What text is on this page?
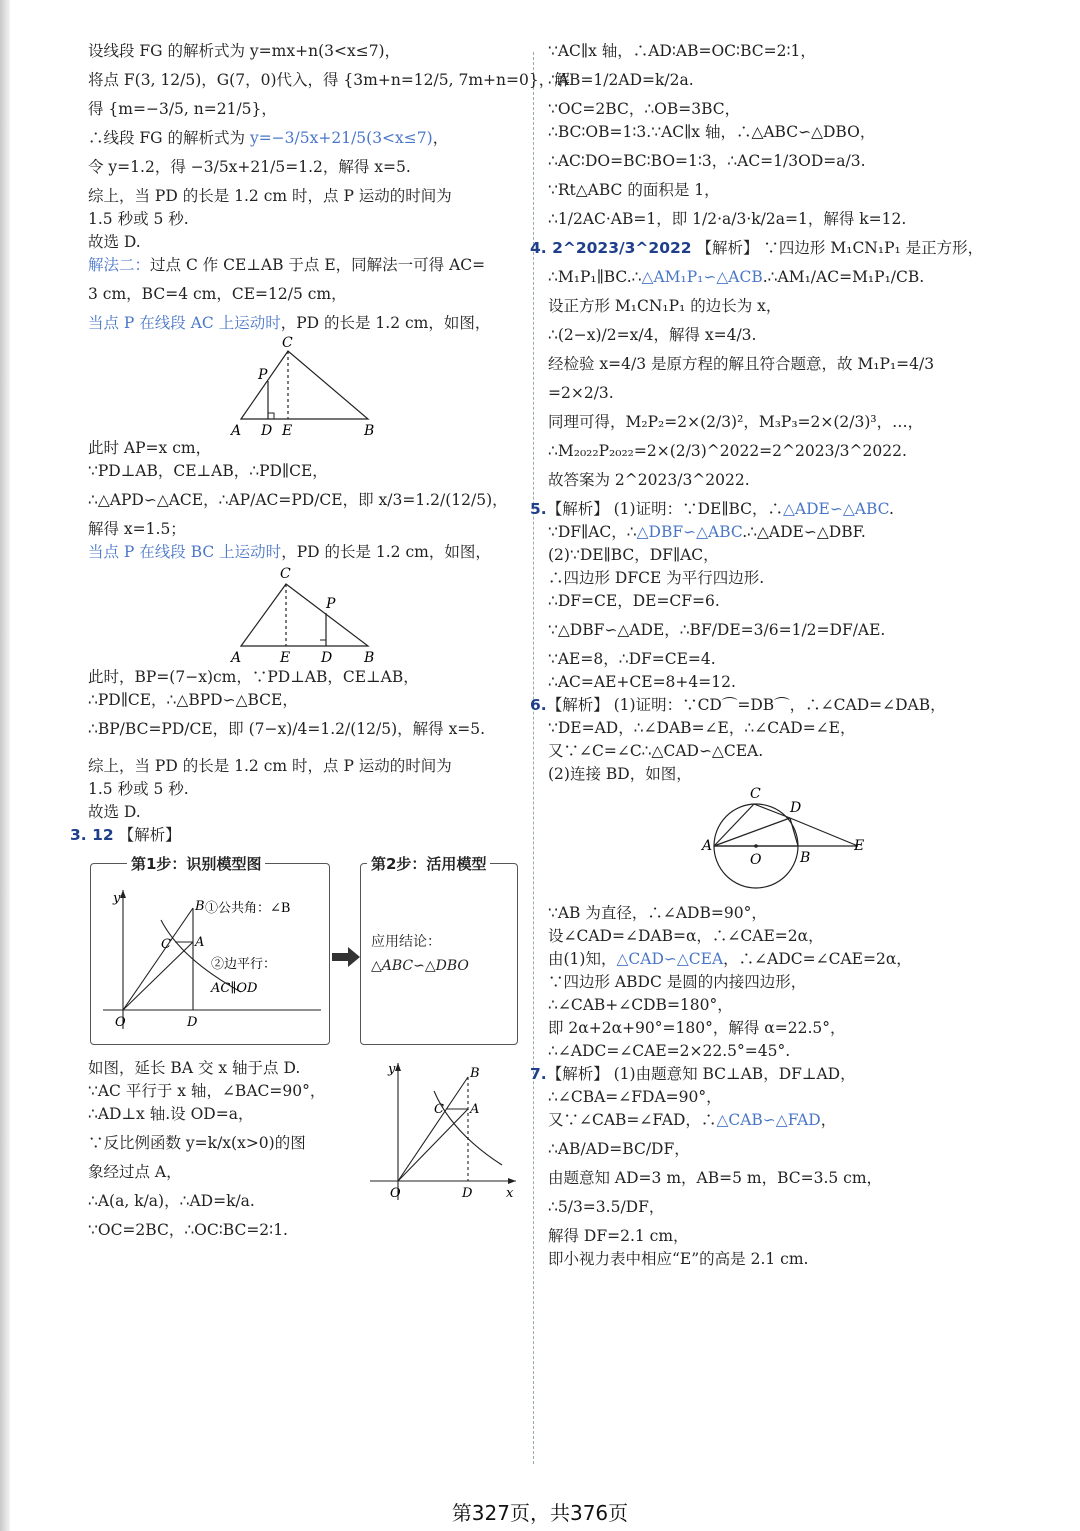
设线段 FG 的解析式为 y=mx+n(3<x≤7)，
将点 F(3, 12/5)，G(7，0)代入，得 {3m+n=12/5, 7m+n=0}，解
得 {m=−3/5, n=21/5}，
∴线段 FG 的解析式为 y=−3/5x+21/5(3<x≤7)，
令 y=1.2，得 −3/5x+21/5=1.2，解得 x=5.
综上，当 PD 的长是 1.2 cm 时，点 P 运动的时间为
1.5 秒或 5 秒.
故选 D.
解法二：过点 C 作 CE⊥AB 于点 E，同解法一可得 AC=
3 cm，BC=4 cm，CE=12/5 cm，
当点 P 在线段 AC 上运动时，PD 的长是 1.2 cm，如图，
C
P
A D E	B
此时 AP=x cm，
∵PD⊥AB，CE⊥AB，∴PD∥CE，
∴△APD∽△ACE，∴AP/AC=PD/CE，即 x/3=1.2/(12/5)，
解得 x=1.5；
当点 P 在线段 BC 上运动时，PD 的长是 1.2 cm，如图，
C
P
A	E D B
此时，BP=(7−x)cm，∵PD⊥AB，CE⊥AB，
∴PD∥CE，∴△BPD∽△BCE，
∴BP/BC=PD/CE，即 (7−x)/4=1.2/(12/5)，解得 x=5.
综上，当 PD 的长是 1.2 cm 时，点 P 运动的时间为
1.5 秒或 5 秒.
故选 D.
3. 12 【解析】
第1步：识别模型图
y
B
C A
O	D
①公共角：∠B
②边平行：
AC∥OD
第2步：活用模型
应用结论：
△ABC∽△DBO
y	B
C A
O	D	x
如图，延长 BA 交 x 轴于点 D.
∵AC 平行于 x 轴，∠BAC=90°，
∴AD⊥x 轴.设 OD=a，
∵反比例函数 y=k/x(x>0)的图
象经过点 A，
∴A(a, k/a)，∴AD=k/a.
∵OC=2BC，∴OC∶BC=2∶1.
∵AC∥x 轴，∴AD∶AB=OC∶BC=2∶1，
∴AB=1/2AD=k/2a.
∵OC=2BC，∴OB=3BC，
∴BC∶OB=1∶3.∵AC∥x 轴，∴△ABC∽△DBO，
∴AC∶DO=BC∶BO=1∶3，∴AC=1/3OD=a/3.
∵Rt△ABC 的面积是 1，
∴1/2AC·AB=1，即 1/2·a/3·k/2a=1，解得 k=12.
4. 2^2023/3^2022 【解析】 ∵四边形 M₁CN₁P₁ 是正方形，
∴M₁P₁∥BC.∴△AM₁P₁∽△ACB.∴AM₁/AC=M₁P₁/CB.
设正方形 M₁CN₁P₁ 的边长为 x，
∴(2−x)/2=x/4，解得 x=4/3.
经检验 x=4/3 是原方程的解且符合题意，故 M₁P₁=4/3
=2×2/3.
同理可得，M₂P₂=2×(2/3)²，M₃P₃=2×(2/3)³，…，
∴M₂₀₂₂P₂₀₂₂=2×(2/3)^2022=2^2023/3^2022.
故答案为 2^2023/3^2022.
5.【解析】 (1)证明：∵DE∥BC，∴△ADE∽△ABC.
∵DF∥AC，∴△DBF∽△ABC.∴△ADE∽△DBF.
(2)∵DE∥BC，DF∥AC，
∴四边形 DFCE 为平行四边形.
∴DF=CE，DE=CF=6.
∵△DBF∽△ADE，∴BF/DE=3/6=1/2=DF/AE.
∵AE=8，∴DF=CE=4.
∴AC=AE+CE=8+4=12.
6.【解析】 (1)证明：∵CD⌒=DB⌒，∴∠CAD=∠DAB，
∵DE=AD，∴∠DAB=∠E，∴∠CAD=∠E，
又∵∠C=∠C∴△CAD∽△CEA.
(2)连接 BD，如图，
C
D
A
O	B
E
∵AB 为直径，∴∠ADB=90°，
设∠CAD=∠DAB=α，∴∠CAE=2α，
由(1)知，△CAD∽△CEA，∴∠ADC=∠CAE=2α，
∵四边形 ABDC 是圆的内接四边形，
∴∠CAB+∠CDB=180°，
即 2α+2α+90°=180°，解得 α=22.5°，
∴∠ADC=∠CAE=2×22.5°=45°.
7.【解析】 (1)由题意知 BC⊥AB，DF⊥AD，
∴∠CBA=∠FDA=90°，
又∵∠CAB=∠FAD，∴△CAB∽△FAD，
∴AB/AD=BC/DF，
由题意知 AD=3 m，AB=5 m，BC=3.5 cm，
∴5/3=3.5/DF，
解得 DF=2.1 cm，
即小视力表中相应“E”的高是 2.1 cm.
第327页，共376页
